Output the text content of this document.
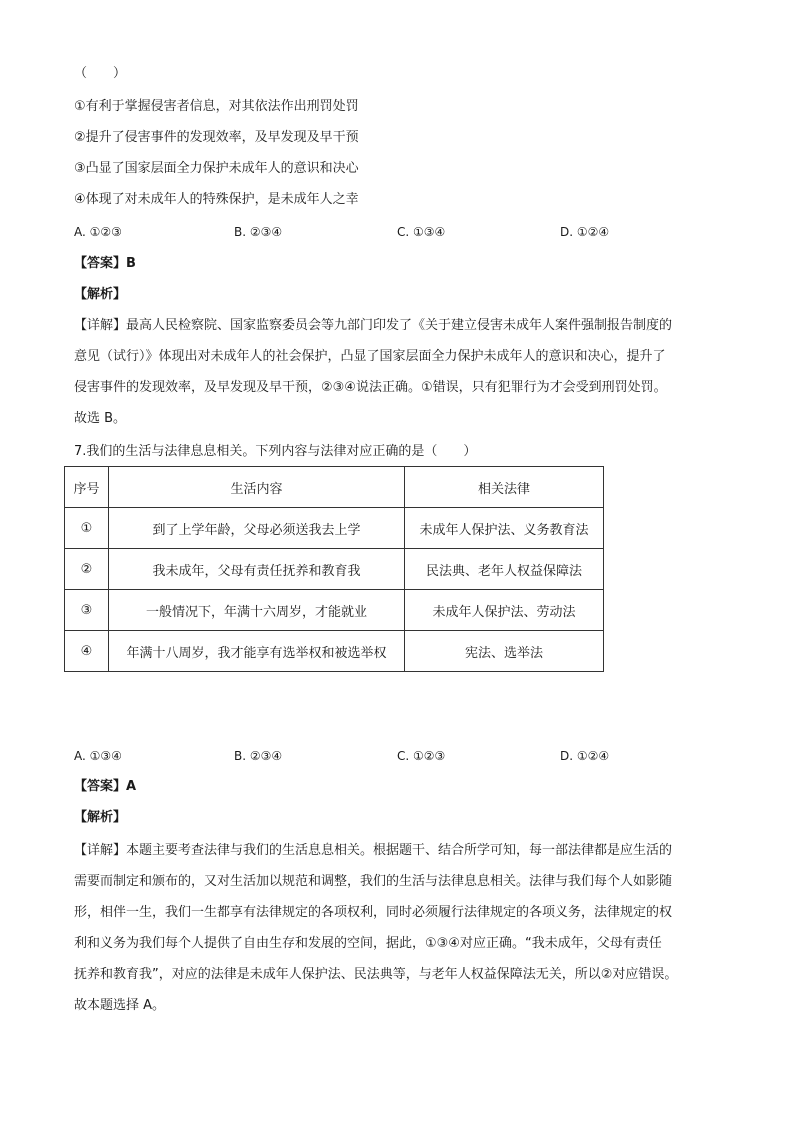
（　　）
①有利于掌握侵害者信息，对其依法作出刑罚处罚
②提升了侵害事件的发现效率，及早发现及早干预
③凸显了国家层面全力保护未成年人的意识和决心
④体现了对未成年人的特殊保护，是未成年人之幸
A. ①②③	B. ②③④	C. ①③④	D. ①②④
【答案】B
【解析】
【详解】最高人民检察院、国家监察委员会等九部门印发了《关于建立侵害未成年人案件强制报告制度的
意见（试行）》体现出对未成年人的社会保护，凸显了国家层面全力保护未成年人的意识和决心，提升了
侵害事件的发现效率，及早发现及早干预，②③④说法正确。①错误，只有犯罪行为才会受到刑罚处罚。
故选 B。
7.我们的生活与法律息息相关。下列内容与法律对应正确的是（　　）
序号	生活内容	相关法律
①	到了上学年龄，父母必须送我去上学	未成年人保护法、义务教育法
②	我未成年，父母有责任抚养和教育我	民法典、老年人权益保障法
③	一般情况下，年满十六周岁，才能就业	未成年人保护法、劳动法
④	年满十八周岁，我才能享有选举权和被选举权	宪法、选举法
A. ①③④	B. ②③④	C. ①②③	D. ①②④
【答案】A
【解析】
【详解】本题主要考查法律与我们的生活息息相关。根据题干、结合所学可知，每一部法律都是应生活的
需要而制定和颁布的，又对生活加以规范和调整，我们的生活与法律息息相关。法律与我们每个人如影随
形，相伴一生，我们一生都享有法律规定的各项权利，同时必须履行法律规定的各项义务，法律规定的权
利和义务为我们每个人提供了自由生存和发展的空间，据此，①③④对应正确。“我未成年，父母有责任
抚养和教育我”，对应的法律是未成年人保护法、民法典等，与老年人权益保障法无关，所以②对应错误。
故本题选择 A。
